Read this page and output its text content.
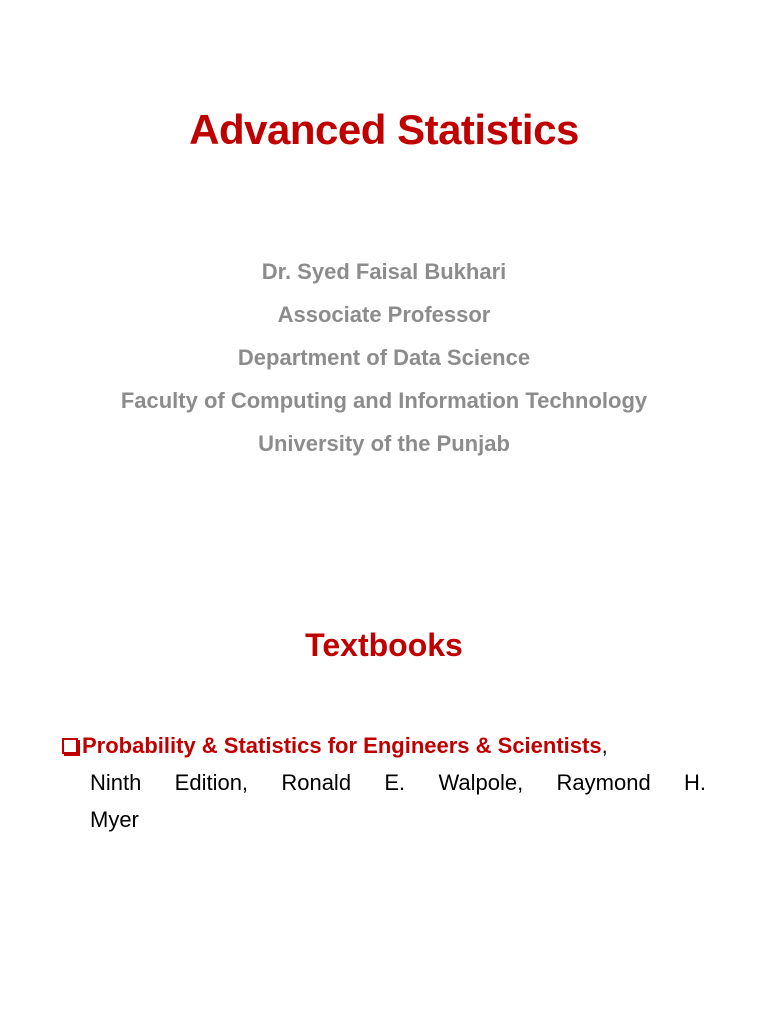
Advanced Statistics
Dr. Syed Faisal Bukhari
Associate Professor
Department of Data Science
Faculty of Computing and Information Technology
University of the Punjab
Textbooks
Probability & Statistics for Engineers & Scientists,
Ninth Edition, Ronald E. Walpole, Raymond H.
Myer
